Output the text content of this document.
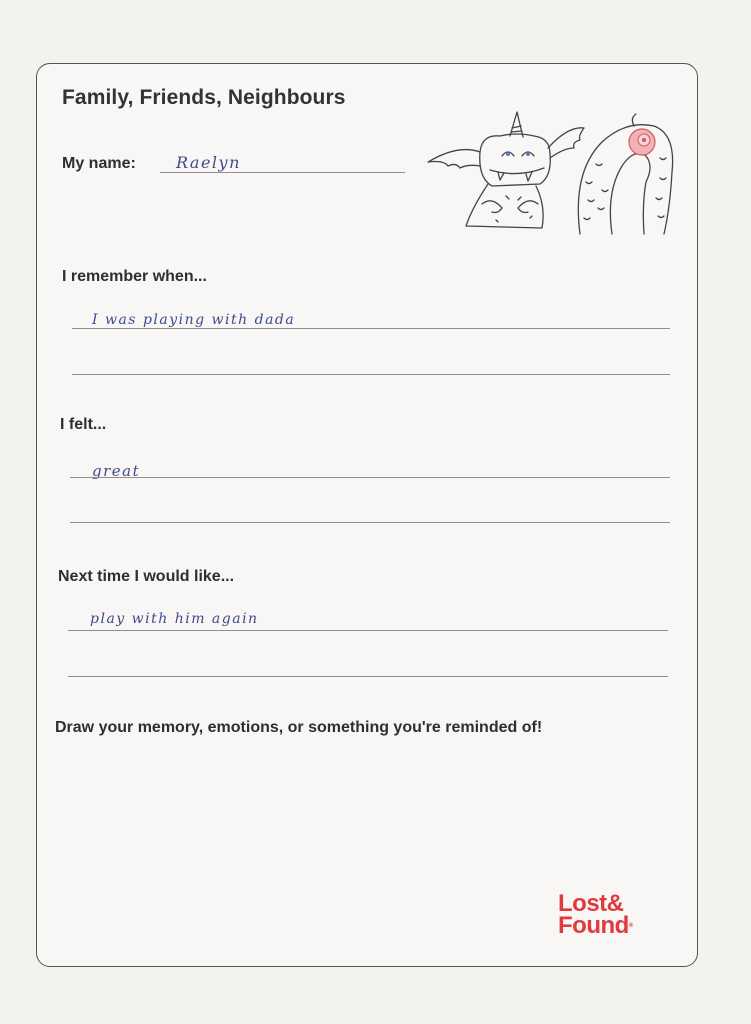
Family, Friends, Neighbours
My name:	Raelyn
I remember when...
I was playing with dada
I felt...
great
Next time I would like...
play with him again
Draw your memory, emotions, or something you're reminded of!
Lost&
Found®
